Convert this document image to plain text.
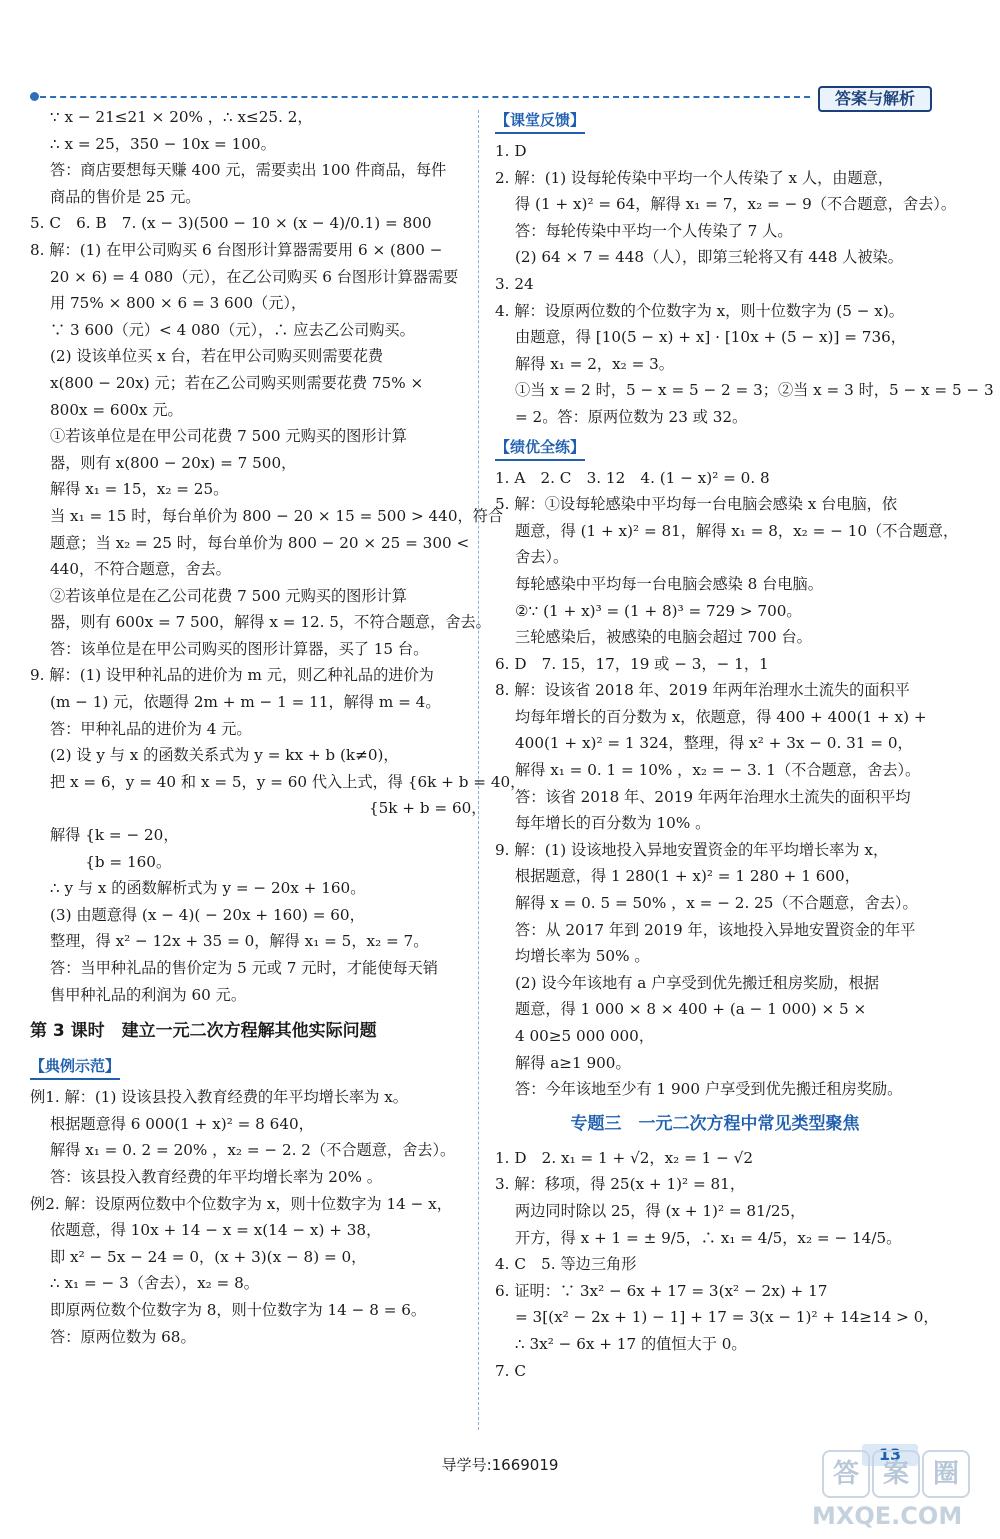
答案与解析
∵ x − 21≤21 × 20% ，∴ x≤25. 2，
∴ x = 25，350 − 10x = 100。
答：商店要想每天赚 400 元，需要卖出 100 件商品，每件
商品的售价是 25 元。
5. C　6. B　7. (x − 3)(500 − 10 × (x − 4)/0.1) = 800
8. 解：(1) 在甲公司购买 6 台图形计算器需要用 6 × (800 −
20 × 6) = 4 080（元），在乙公司购买 6 台图形计算器需要
用 75% × 800 × 6 = 3 600（元），
∵ 3 600（元）< 4 080（元），∴ 应去乙公司购买。
(2) 设该单位买 x 台，若在甲公司购买则需要花费
x(800 − 20x) 元；若在乙公司购买则需要花费 75% ×
800x = 600x 元。
①若该单位是在甲公司花费 7 500 元购买的图形计算
器，则有 x(800 − 20x) = 7 500，
解得 x₁ = 15，x₂ = 25。
当 x₁ = 15 时，每台单价为 800 − 20 × 15 = 500 > 440，符合
题意；当 x₂ = 25 时，每台单价为 800 − 20 × 25 = 300 <
440，不符合题意，舍去。
②若该单位是在乙公司花费 7 500 元购买的图形计算
器，则有 600x = 7 500，解得 x = 12. 5，不符合题意，舍去。
答：该单位是在甲公司购买的图形计算器，买了 15 台。
9. 解：(1) 设甲种礼品的进价为 m 元，则乙种礼品的进价为
(m − 1) 元，依题得 2m + m − 1 = 11，解得 m = 4。
答：甲种礼品的进价为 4 元。
(2) 设 y 与 x 的函数关系式为 y = kx + b (k≠0)，
把 x = 6，y = 40 和 x = 5，y = 60 代入上式，得 {6k + b = 40，
　　　　　　　　　　　　　　　　　　　　　{5k + b = 60，
解得 {k = − 20，
　　 {b = 160。
∴ y 与 x 的函数解析式为 y = − 20x + 160。
(3) 由题意得 (x − 4)( − 20x + 160) = 60，
整理，得 x² − 12x + 35 = 0，解得 x₁ = 5，x₂ = 7。
答：当甲种礼品的售价定为 5 元或 7 元时，才能使每天销
售甲种礼品的利润为 60 元。
第 3 课时　建立一元二次方程解其他实际问题
【典例示范】
例1. 解：(1) 设该县投入教育经费的年平均增长率为 x。
根据题意得 6 000(1 + x)² = 8 640，
解得 x₁ = 0. 2 = 20% ，x₂ = − 2. 2（不合题意，舍去）。
答：该县投入教育经费的年平均增长率为 20% 。
例2. 解：设原两位数中个位数字为 x，则十位数字为 14 − x，
依题意，得 10x + 14 − x = x(14 − x) + 38，
即 x² − 5x − 24 = 0，(x + 3)(x − 8) = 0，
∴ x₁ = − 3（舍去），x₂ = 8。
即原两位数个位数字为 8，则十位数字为 14 − 8 = 6。
答：原两位数为 68。
【课堂反馈】
1. D
2. 解：(1) 设每轮传染中平均一个人传染了 x 人，由题意，
得 (1 + x)² = 64，解得 x₁ = 7，x₂ = − 9（不合题意，舍去）。
答：每轮传染中平均一个人传染了 7 人。
(2) 64 × 7 = 448（人），即第三轮将又有 448 人被染。
3. 24
4. 解：设原两位数的个位数字为 x，则十位数字为 (5 − x)。
由题意，得 [10(5 − x) + x] · [10x + (5 − x)] = 736，
解得 x₁ = 2，x₂ = 3。
①当 x = 2 时，5 − x = 5 − 2 = 3；②当 x = 3 时，5 − x = 5 − 3
= 2。答：原两位数为 23 或 32。
【绩优全练】
1. A　2. C　3. 12　4. (1 − x)² = 0. 8
5. 解：①设每轮感染中平均每一台电脑会感染 x 台电脑，依
题意，得 (1 + x)² = 81，解得 x₁ = 8，x₂ = − 10（不合题意，
舍去）。
每轮感染中平均每一台电脑会感染 8 台电脑。
②∵ (1 + x)³ = (1 + 8)³ = 729 > 700。
三轮感染后，被感染的电脑会超过 700 台。
6. D　7. 15，17，19 或 − 3，− 1，1
8. 解：设该省 2018 年、2019 年两年治理水土流失的面积平
均每年增长的百分数为 x，依题意，得 400 + 400(1 + x) +
400(1 + x)² = 1 324，整理，得 x² + 3x − 0. 31 = 0，
解得 x₁ = 0. 1 = 10% ，x₂ = − 3. 1（不合题意，舍去）。
答：该省 2018 年、2019 年两年治理水土流失的面积平均
每年增长的百分数为 10% 。
9. 解：(1) 设该地投入异地安置资金的年平均增长率为 x，
根据题意，得 1 280(1 + x)² = 1 280 + 1 600，
解得 x = 0. 5 = 50% ，x = − 2. 25（不合题意，舍去）。
答：从 2017 年到 2019 年，该地投入异地安置资金的年平
均增长率为 50% 。
(2) 设今年该地有 a 户享受到优先搬迁租房奖励，根据
题意，得 1 000 × 8 × 400 + (a − 1 000) × 5 ×
4 00≥5 000 000，
解得 a≥1 900。
答：今年该地至少有 1 900 户享受到优先搬迁租房奖励。
专题三　一元二次方程中常见类型聚焦
1. D　2. x₁ = 1 + √2，x₂ = 1 − √2
3. 解：移项，得 25(x + 1)² = 81，
两边同时除以 25，得 (x + 1)² = 81/25，
开方，得 x + 1 = ± 9/5，∴ x₁ = 4/5，x₂ = − 14/5。
4. C　5. 等边三角形
6. 证明：∵ 3x² − 6x + 17 = 3(x² − 2x) + 17
= 3[(x² − 2x + 1) − 1] + 17 = 3(x − 1)² + 14≥14 > 0，
∴ 3x² − 6x + 17 的值恒大于 0。
7. C
导学号:1669019
13
答 案 圈
MXQE.COM
